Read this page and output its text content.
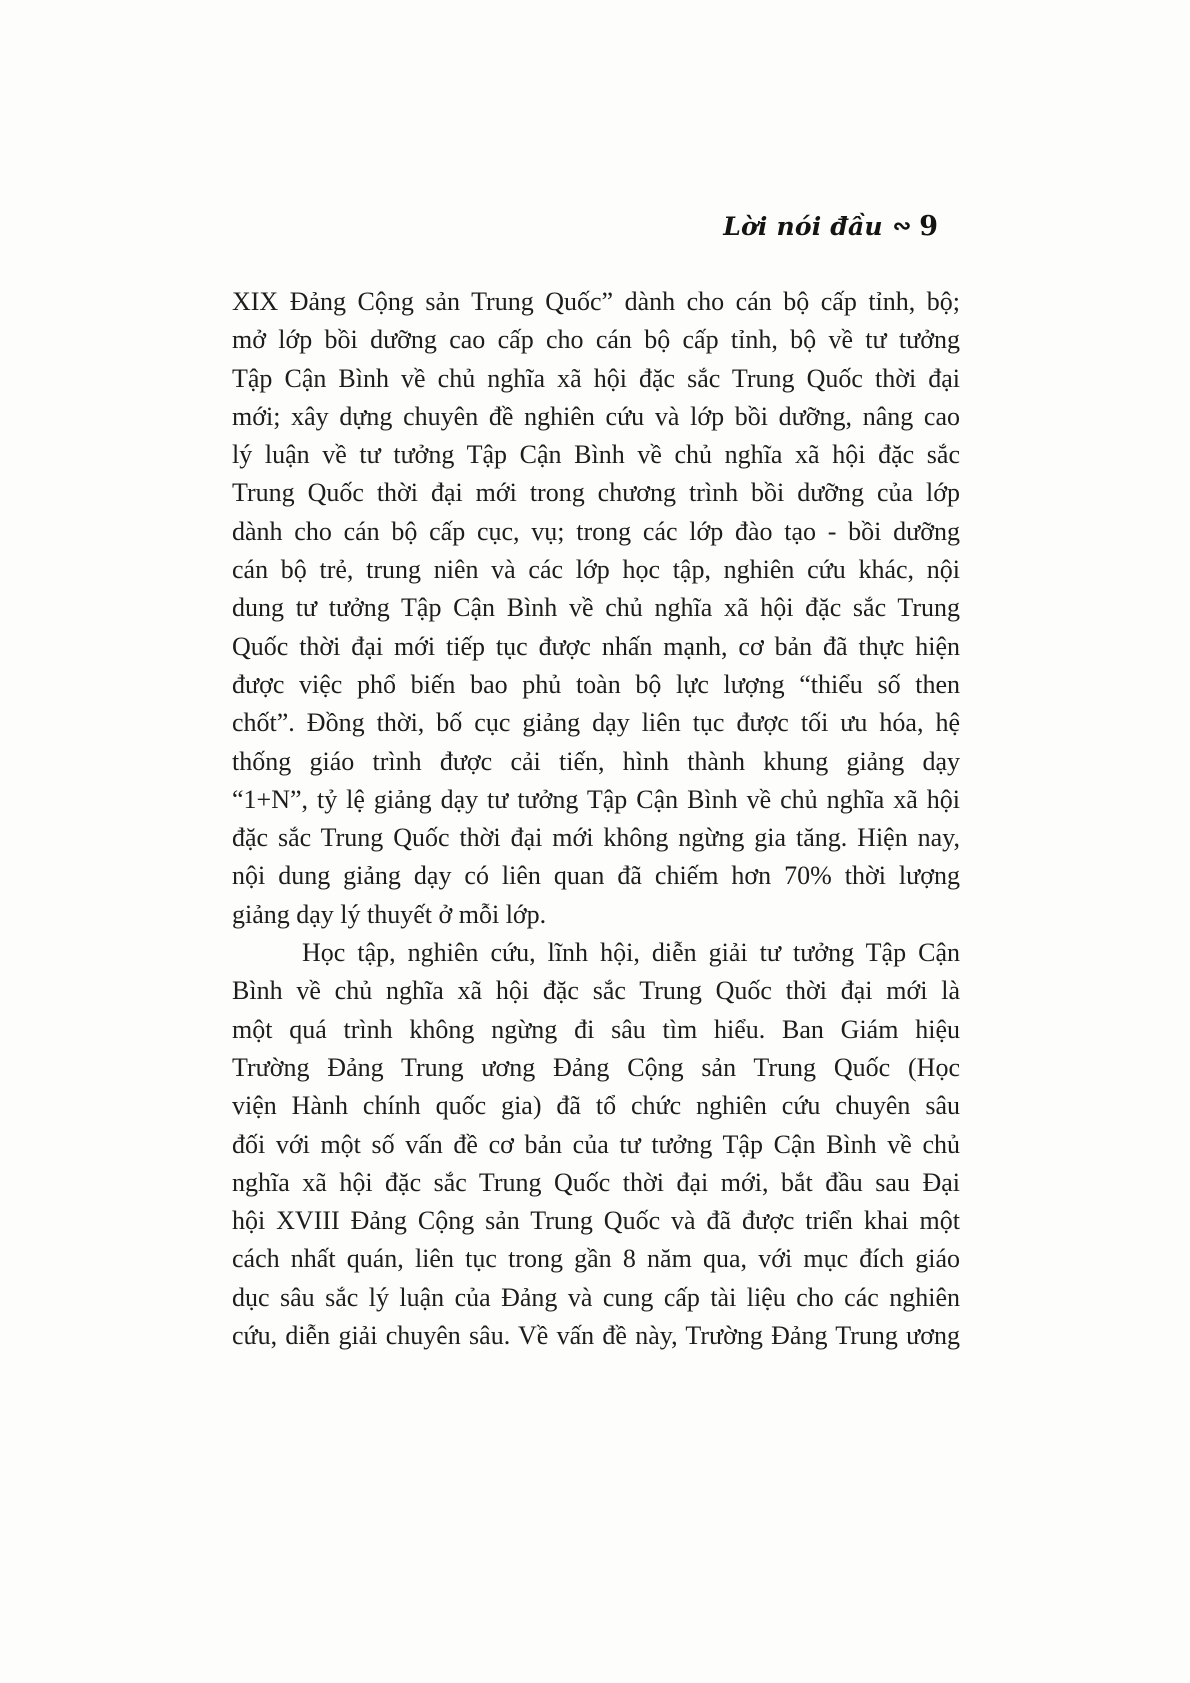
Lời nói đầu ∾ 9
XIX Đảng Cộng sản Trung Quốc” dành cho cán bộ cấp tỉnh, bộ;
mở lớp bồi dưỡng cao cấp cho cán bộ cấp tỉnh, bộ về tư tưởng
Tập Cận Bình về chủ nghĩa xã hội đặc sắc Trung Quốc thời đại
mới; xây dựng chuyên đề nghiên cứu và lớp bồi dưỡng, nâng cao
lý luận về tư tưởng Tập Cận Bình về chủ nghĩa xã hội đặc sắc
Trung Quốc thời đại mới trong chương trình bồi dưỡng của lớp
dành cho cán bộ cấp cục, vụ; trong các lớp đào tạo - bồi dưỡng
cán bộ trẻ, trung niên và các lớp học tập, nghiên cứu khác, nội
dung tư tưởng Tập Cận Bình về chủ nghĩa xã hội đặc sắc Trung
Quốc thời đại mới tiếp tục được nhấn mạnh, cơ bản đã thực hiện
được việc phổ biến bao phủ toàn bộ lực lượng “thiểu số then
chốt”. Đồng thời, bố cục giảng dạy liên tục được tối ưu hóa, hệ
thống giáo trình được cải tiến, hình thành khung giảng dạy
“1+N”, tỷ lệ giảng dạy tư tưởng Tập Cận Bình về chủ nghĩa xã hội
đặc sắc Trung Quốc thời đại mới không ngừng gia tăng. Hiện nay,
nội dung giảng dạy có liên quan đã chiếm hơn 70% thời lượng
giảng dạy lý thuyết ở mỗi lớp.
Học tập, nghiên cứu, lĩnh hội, diễn giải tư tưởng Tập Cận
Bình về chủ nghĩa xã hội đặc sắc Trung Quốc thời đại mới là
một quá trình không ngừng đi sâu tìm hiểu. Ban Giám hiệu
Trường Đảng Trung ương Đảng Cộng sản Trung Quốc (Học
viện Hành chính quốc gia) đã tổ chức nghiên cứu chuyên sâu
đối với một số vấn đề cơ bản của tư tưởng Tập Cận Bình về chủ
nghĩa xã hội đặc sắc Trung Quốc thời đại mới, bắt đầu sau Đại
hội XVIII Đảng Cộng sản Trung Quốc và đã được triển khai một
cách nhất quán, liên tục trong gần 8 năm qua, với mục đích giáo
dục sâu sắc lý luận của Đảng và cung cấp tài liệu cho các nghiên
cứu, diễn giải chuyên sâu. Về vấn đề này, Trường Đảng Trung ương
